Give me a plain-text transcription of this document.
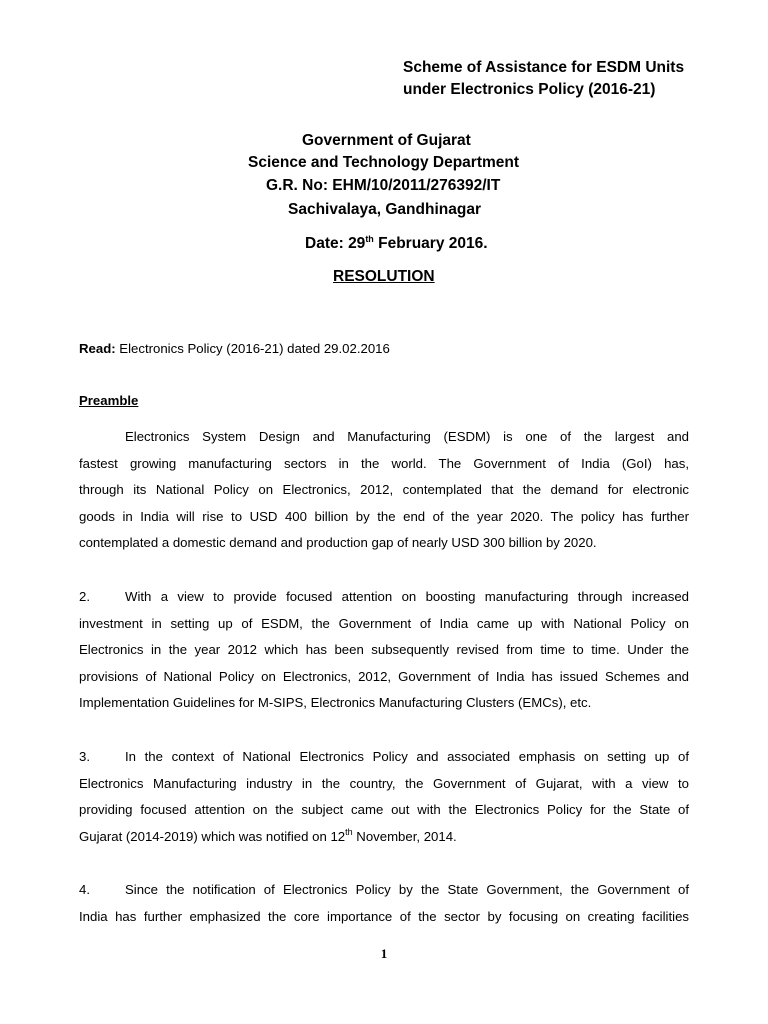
Scheme of Assistance for ESDM Units
under Electronics Policy (2016-21)
Government of Gujarat
Science and Technology Department
G.R. No: EHM/10/2011/276392/IT
Sachivalaya, Gandhinagar
Date: 29th February 2016.
RESOLUTION
Read: Electronics Policy (2016-21) dated 29.02.2016
Preamble
Electronics System Design and Manufacturing (ESDM) is one of the largest and
fastest growing manufacturing sectors in the world. The Government of India (GoI) has,
through its National Policy on Electronics, 2012, contemplated that the demand for electronic
goods in India will rise to USD 400 billion by the end of the year 2020. The policy has further
contemplated a domestic demand and production gap of nearly USD 300 billion by 2020.
2.	With a view to provide focused attention on boosting manufacturing through increased
investment in setting up of ESDM, the Government of India came up with National Policy on
Electronics in the year 2012 which has been subsequently revised from time to time. Under the
provisions of National Policy on Electronics, 2012, Government of India has issued Schemes and
Implementation Guidelines for M-SIPS, Electronics Manufacturing Clusters (EMCs), etc.
3.	In the context of National Electronics Policy and associated emphasis on setting up of
Electronics Manufacturing industry in the country, the Government of Gujarat, with a view to
providing focused attention on the subject came out with the Electronics Policy for the State of
Gujarat (2014-2019) which was notified on 12th November, 2014.
4.	Since the notification of Electronics Policy by the State Government, the Government of
India has further emphasized the core importance of the sector by focusing on creating facilities
1
